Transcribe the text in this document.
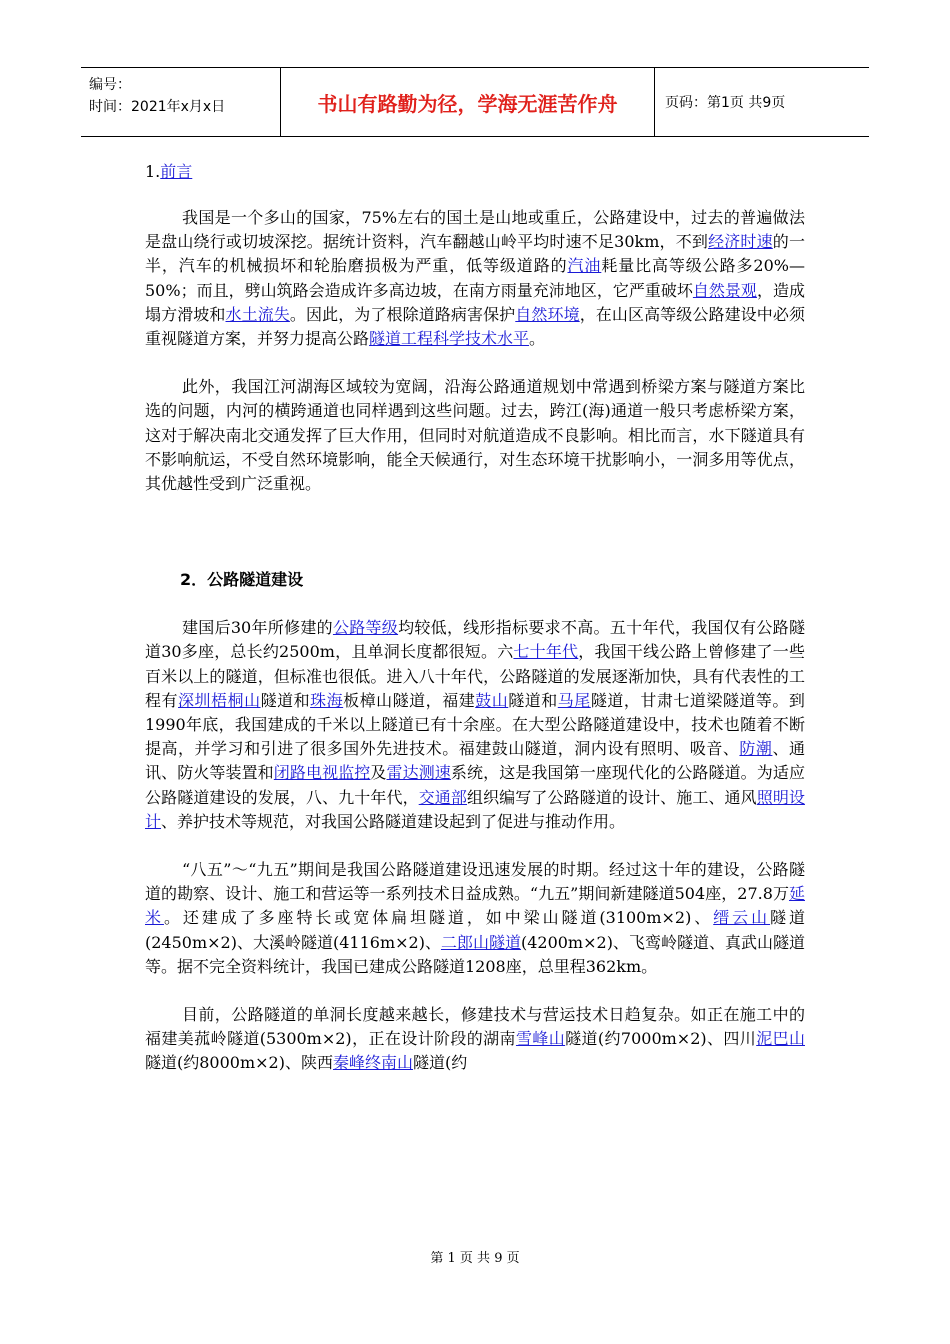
编号：
时间：2021年x月x日	书山有路勤为径，学海无涯苦作舟	页码：第1页 共9页

1.前言

我国是一个多山的国家，75%左右的国土是山地或重丘，公路建设中，过去的普遍做法是盘山绕行或切坡深挖。据统计资料，汽车翻越山岭平均时速不足30km，不到经济时速的一半，汽车的机械损坏和轮胎磨损极为严重，低等级道路的汽油耗量比高等级公路多20%—50%；而且，劈山筑路会造成许多高边坡，在南方雨量充沛地区，它严重破坏自然景观，造成塌方滑坡和水土流失。因此，为了根除道路病害保护自然环境，在山区高等级公路建设中必须重视隧道方案，并努力提高公路隧道工程科学技术水平。

此外，我国江河湖海区域较为宽阔，沿海公路通道规划中常遇到桥梁方案与隧道方案比选的问题，内河的横跨通道也同样遇到这些问题。过去，跨江(海)通道一般只考虑桥梁方案，这对于解决南北交通发挥了巨大作用，但同时对航道造成不良影响。相比而言，水下隧道具有不影响航运，不受自然环境影响，能全天候通行，对生态环境干扰影响小，一洞多用等优点，其优越性受到广泛重视。

2．公路隧道建设

建国后30年所修建的公路等级均较低，线形指标要求不高。五十年代，我国仅有公路隧道30多座，总长约2500m，且单洞长度都很短。六七十年代，我国干线公路上曾修建了一些百米以上的隧道，但标准也很低。进入八十年代，公路隧道的发展逐渐加快，具有代表性的工程有深圳梧桐山隧道和珠海板樟山隧道，福建鼓山隧道和马尾隧道，甘肃七道梁隧道等。到1990年底，我国建成的千米以上隧道已有十余座。在大型公路隧道建设中，技术也随着不断提高，并学习和引进了很多国外先进技术。福建鼓山隧道，洞内设有照明、吸音、防潮、通讯、防火等装置和闭路电视监控及雷达测速系统，这是我国第一座现代化的公路隧道。为适应公路隧道建设的发展，八、九十年代，交通部组织编写了公路隧道的设计、施工、通风照明设计、养护技术等规范，对我国公路隧道建设起到了促进与推动作用。

“八五”～“九五”期间是我国公路隧道建设迅速发展的时期。经过这十年的建设，公路隧道的勘察、设计、施工和营运等一系列技术日益成熟。“九五”期间新建隧道504座，27.8万延米。还建成了多座特长或宽体扁坦隧道，如中梁山隧道(3100m×2)、缙云山隧道(2450m×2)、大溪岭隧道(4116m×2)、二郎山隧道(4200m×2)、飞鸾岭隧道、真武山隧道等。据不完全资料统计，我国已建成公路隧道1208座，总里程362km。

目前，公路隧道的单洞长度越来越长，修建技术与营运技术日趋复杂。如正在施工中的福建美菰岭隧道(5300m×2)，正在设计阶段的湖南雪峰山隧道(约7000m×2)、四川泥巴山隧道(约8000m×2)、陕西秦峰终南山隧道(约

第 1 页 共 9 页
